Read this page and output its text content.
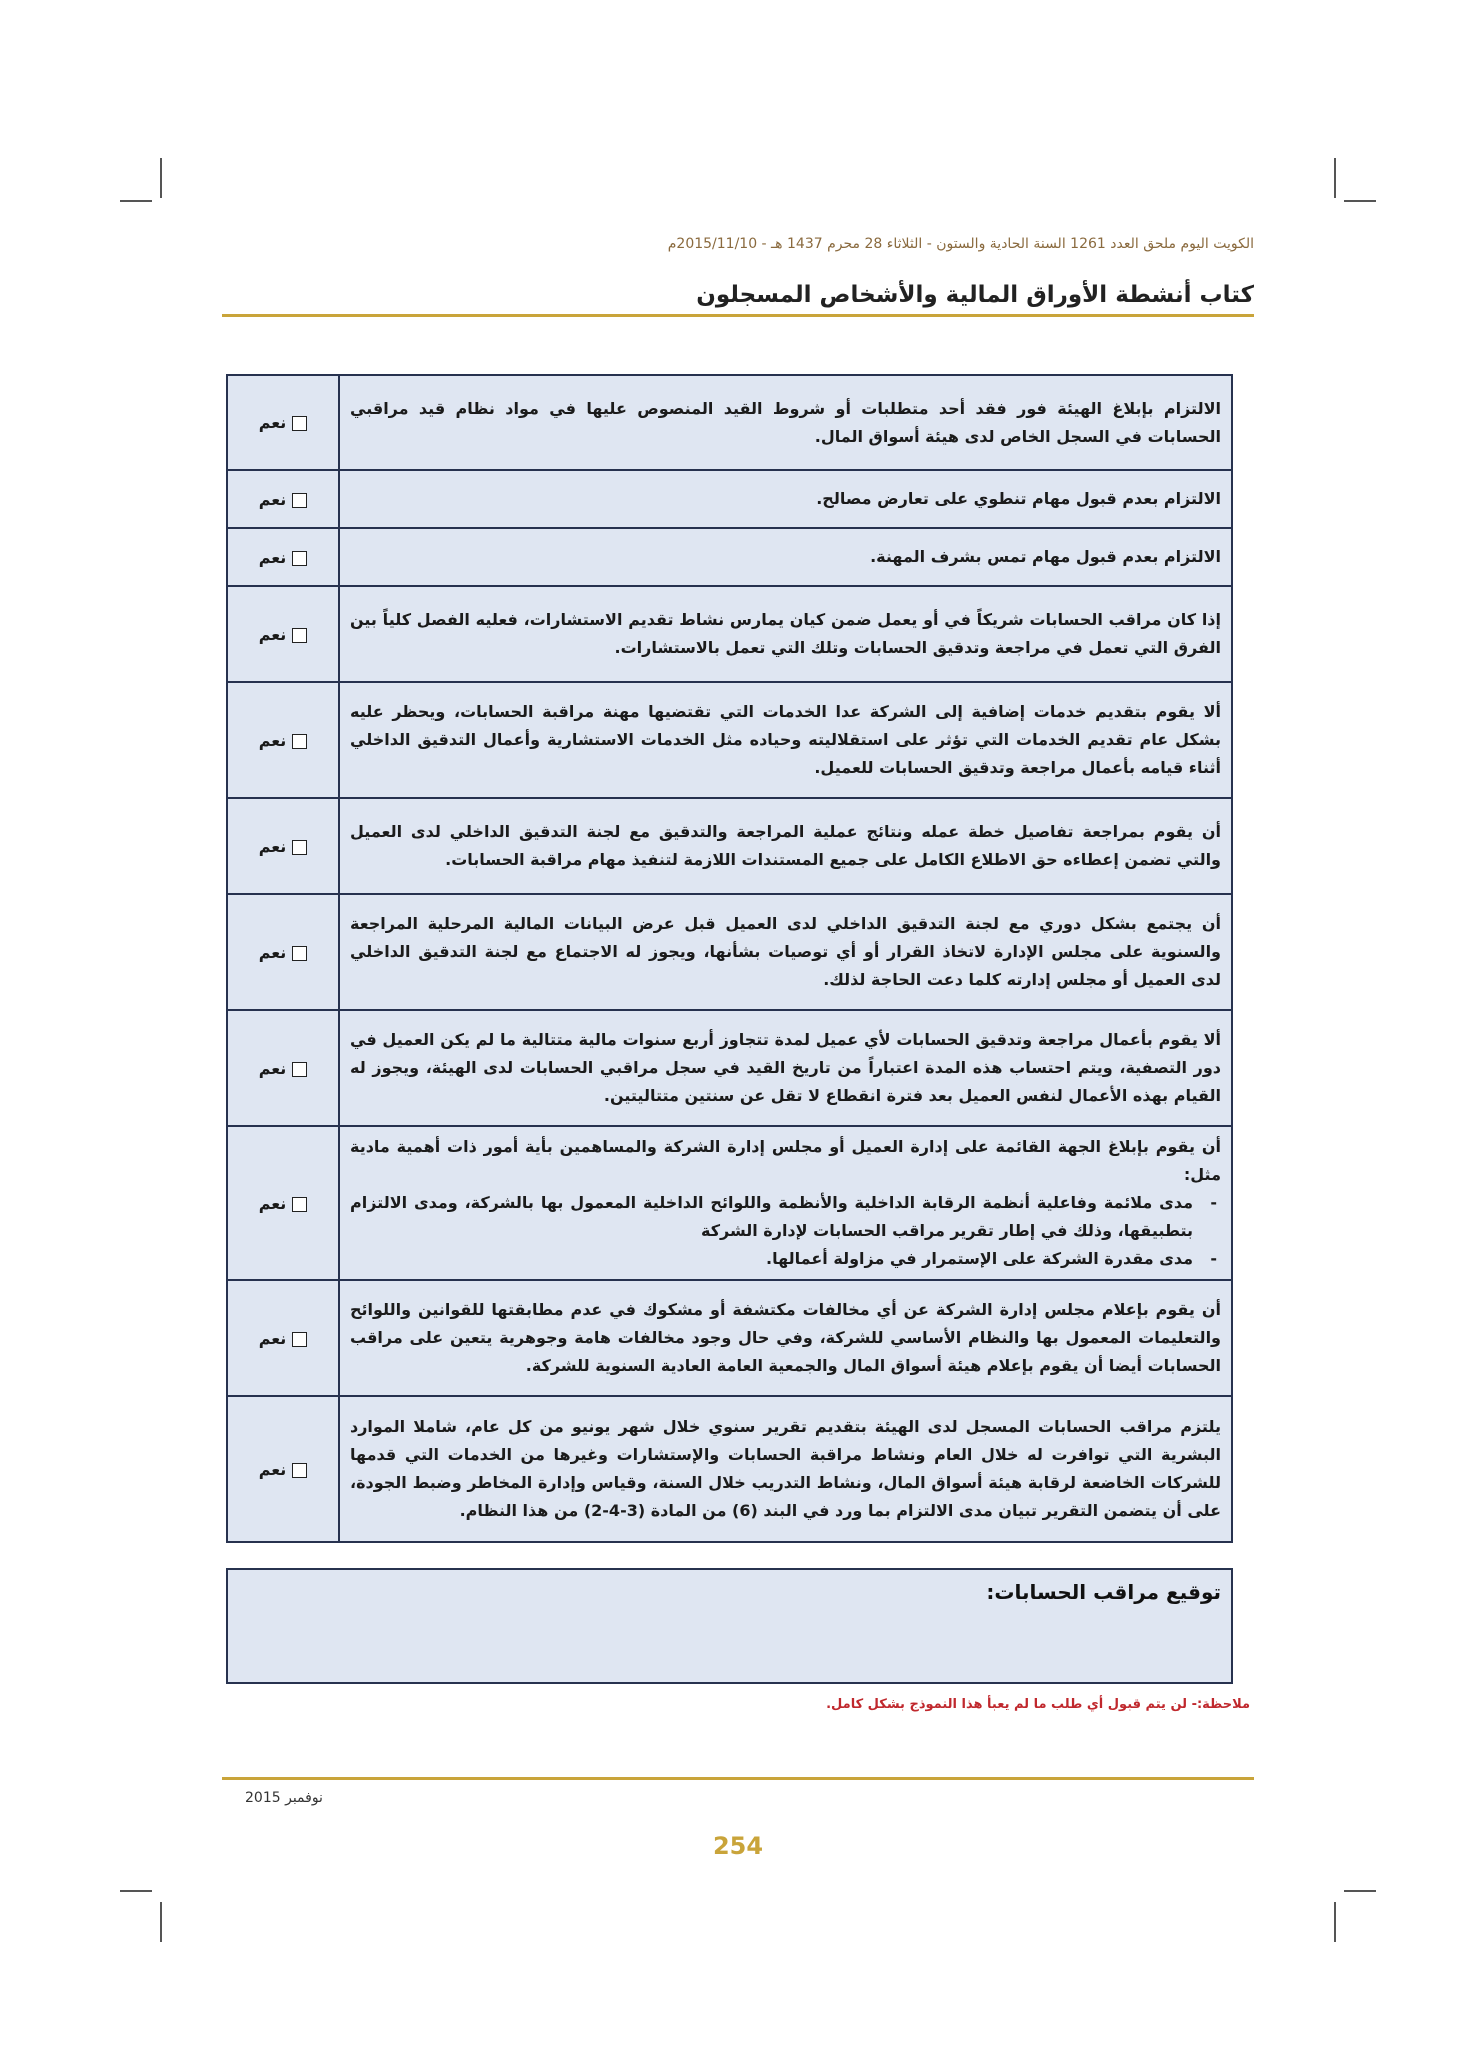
الكويت اليوم ملحق العدد 1261 السنة الحادية والستون - الثلاثاء 28 محرم 1437 هـ - 2015/11/10م
كتاب أنشطة الأوراق المالية والأشخاص المسجلون
الالتزام بإبلاغ الهيئة فور فقد أحد متطلبات أو شروط القيد المنصوص عليها في مواد نظام قيد مراقبي الحسابات في السجل الخاص لدى هيئة أسواق المال.	نعم
الالتزام بعدم قبول مهام تنطوي على تعارض مصالح.	نعم
الالتزام بعدم قبول مهام تمس بشرف المهنة.	نعم
إذا كان مراقب الحسابات شريكاً في أو يعمل ضمن كيان يمارس نشاط تقديم الاستشارات، فعليه الفصل كلياً بين الفرق التي تعمل في مراجعة وتدقيق الحسابات وتلك التي تعمل بالاستشارات.	نعم
ألا يقوم بتقديم خدمات إضافية إلى الشركة عدا الخدمات التي تقتضيها مهنة مراقبة الحسابات، ويحظر عليه بشكل عام تقديم الخدمات التي تؤثر على استقلاليته وحياده مثل الخدمات الاستشارية وأعمال التدقيق الداخلي أثناء قيامه بأعمال مراجعة وتدقيق الحسابات للعميل.	نعم
أن يقوم بمراجعة تفاصيل خطة عمله ونتائج عملية المراجعة والتدقيق مع لجنة التدقيق الداخلي لدى العميل والتي تضمن إعطاءه حق الاطلاع الكامل على جميع المستندات اللازمة لتنفيذ مهام مراقبة الحسابات.	نعم
أن يجتمع بشكل دوري مع لجنة التدقيق الداخلي لدى العميل قبل عرض البيانات المالية المرحلية المراجعة والسنوية على مجلس الإدارة لاتخاذ القرار أو أي توصيات بشأنها، ويجوز له الاجتماع مع لجنة التدقيق الداخلي لدى العميل أو مجلس إدارته كلما دعت الحاجة لذلك.	نعم
ألا يقوم بأعمال مراجعة وتدقيق الحسابات لأي عميل لمدة تتجاوز أربع سنوات مالية متتالية ما لم يكن العميل في دور التصفية، ويتم احتساب هذه المدة اعتباراً من تاريخ القيد في سجل مراقبي الحسابات لدى الهيئة، ويجوز له القيام بهذه الأعمال لنفس العميل بعد فترة انقطاع لا تقل عن سنتين متتاليتين.	نعم
أن يقوم بإبلاغ الجهة القائمة على إدارة العميل أو مجلس إدارة الشركة والمساهمين بأية أمور ذات أهمية مادية مثل:
- مدى ملائمة وفاعلية أنظمة الرقابة الداخلية والأنظمة واللوائح الداخلية المعمول بها بالشركة، ومدى الالتزام بتطبيقها، وذلك في إطار تقرير مراقب الحسابات لإدارة الشركة
- مدى مقدرة الشركة على الإستمرار في مزاولة أعمالها.	نعم
أن يقوم بإعلام مجلس إدارة الشركة عن أي مخالفات مكتشفة أو مشكوك في عدم مطابقتها للقوانين واللوائح والتعليمات المعمول بها والنظام الأساسي للشركة، وفي حال وجود مخالفات هامة وجوهرية يتعين على مراقب الحسابات أيضا أن يقوم بإعلام هيئة أسواق المال والجمعية العامة العادية السنوية للشركة.	نعم
يلتزم مراقب الحسابات المسجل لدى الهيئة بتقديم تقرير سنوي خلال شهر يونيو من كل عام، شاملا الموارد البشرية التي توافرت له خلال العام ونشاط مراقبة الحسابات والإستشارات وغيرها من الخدمات التي قدمها للشركات الخاضعة لرقابة هيئة أسواق المال، ونشاط التدريب خلال السنة، وقياس وإدارة المخاطر وضبط الجودة، على أن يتضمن التقرير تبيان مدى الالتزام بما ورد في البند (6) من المادة (3-4-2) من هذا النظام.	نعم
توقيع مراقب الحسابات:
ملاحظة:- لن يتم قبول أي طلب ما لم يعبأ هذا النموذج بشكل كامل.
نوفمبر 2015
254
